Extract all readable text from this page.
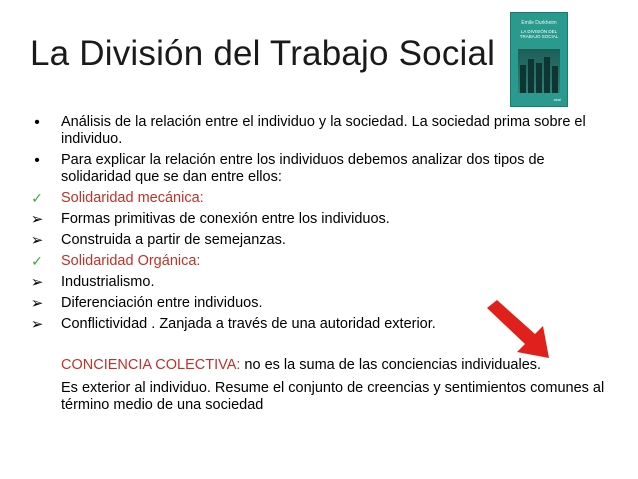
La División del Trabajo Social
Emile Durkheim
LA DIVISIÓN DEL
TRABAJO SOCIAL
akal
•	Análisis de la relación entre el individuo y la sociedad. La sociedad prima sobre el individuo.
•	Para explicar la relación entre los individuos debemos analizar dos tipos de solidaridad que se dan entre ellos:
✓ Solidaridad mecánica:
➢ Formas primitivas de conexión entre los individuos.
➢ Construida a partir de semejanzas.
✓ Solidaridad Orgánica:
➢ Industrialismo.
➢ Diferenciación entre individuos.
➢ Conflictividad . Zanjada a través de una autoridad exterior.

CONCIENCIA COLECTIVA: no es la suma de las conciencias individuales.

Es exterior al individuo. Resume el conjunto de creencias y sentimientos comunes al término medio de una sociedad
